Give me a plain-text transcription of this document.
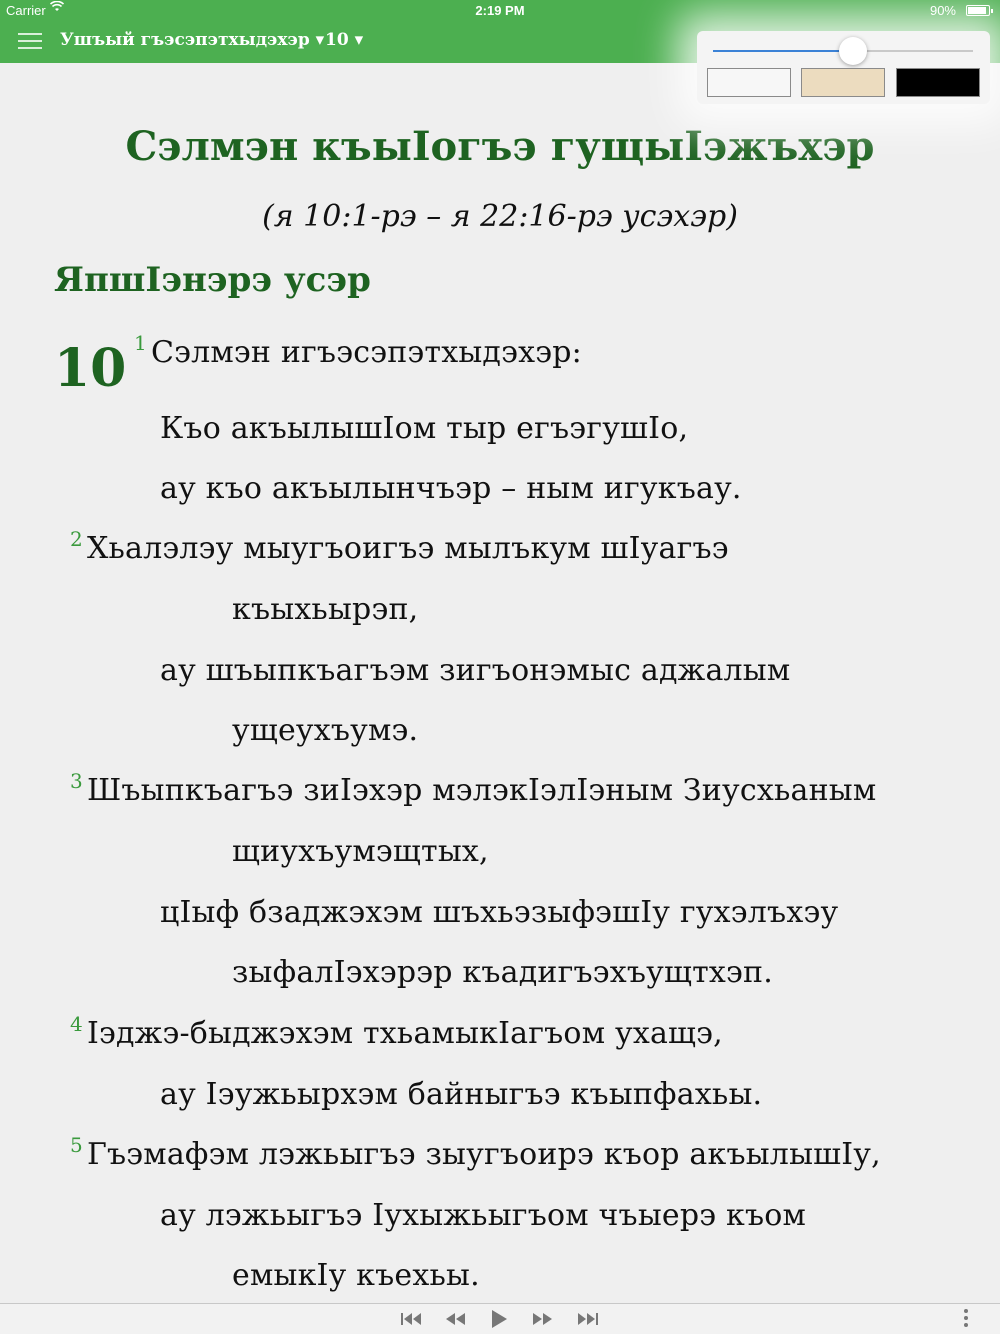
Carrier	2:19 PM	90%
Ушъый гъэсэпэтхыдэхэр ▾ 10 ▾
Сэлмэн къыIогъэ гущыIэжъхэр
(я 10:1-рэ – я 22:16-рэ усэхэр)
ЯпшIэнэрэ усэр
10 $^1$ Сэлмэн игъэсэпэтхыдэхэр:
Къо акъылышIом тыр егъэгушIо,
ау къо акъылынчъэр – ным игукъау.
$^2$ Хьалэлэу мыугъоигъэ мылъкум шIуагъэ
къыхьырэп,
ау шъыпкъагъэм зигъонэмыс аджалым
ущеухъумэ.
$^3$ Шъыпкъагъэ зиIэхэр мэлэкIэлIэным Зиусхьаным
щиухъумэщтых,
цIыф бзаджэхэм шъхьэзыфэшIу гухэлъхэу
зыфалIэхэрэр къадигъэхъущтхэп.
$^4$ Iэджэ-быджэхэм тхьамыкIагъом ухащэ,
ау Iэужьырхэм байныгъэ къыпфахьы.
$^5$ Гъэмафэм лэжьыгъэ зыугъоирэ къор акъылышIу,
ау лэжьыгъэ Iухыжьыгъом чъыерэ къом
емыкIу къехьы.
